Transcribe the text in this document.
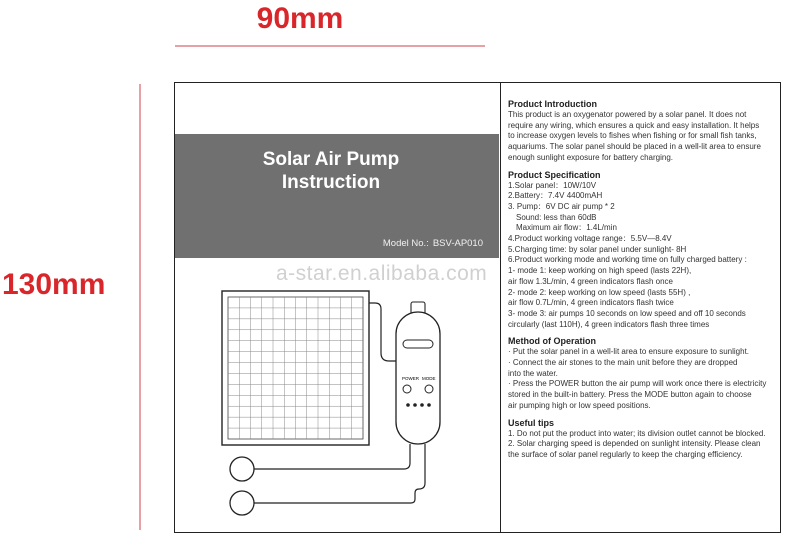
90mm
130mm
Solar Air Pump
Instruction
Model No.: BSV-AP010
POWER MODE
Product Introduction

This product is an oxygenator powered by a solar panel. It does not

require any wiring, which ensures a quick and easy installation. It helps

to increase oxygen levels to fishes when fishing or for small fish tanks,

aquariums. The solar panel should be placed in a well-lit area to ensure

enough sunlight exposure for battery charging.

Product Specification

1.Solar panel：10W/10V

2.Battery：7.4V 4400mAH

3. Pump：6V DC air pump * 2

Sound: less than 60dB

Maximum air flow：1.4L/min

4.Product working voltage range：5.5V—8.4V

5.Charging time: by solar panel under sunlight- 8H

6.Product working mode and working time on fully charged battery :

1- mode 1: keep working on high speed (lasts 22H),

air flow 1.3L/min, 4 green indicators flash once

2- mode 2: keep working on low speed (lasts 55H) ,

air flow 0.7L/min, 4 green indicators flash twice

3- mode 3: air pumps 10 seconds on low speed and off 10 seconds

circularly (last 110H), 4 green indicators flash three times

Method of Operation

· Put the solar panel in a well-lit area to ensure exposure to sunlight.

· Connect the air stones to the main unit before they are dropped

into the water.

· Press the POWER button the air pump will work once there is electricity

stored in the built-in battery. Press the MODE button again to choose

air pumping high or low speed positions.

Useful tips

1. Do not put the product into water; its division outlet cannot be blocked.

2. Solar charging speed is depended on sunlight intensity. Please clean

the surface of solar panel regularly to keep the charging efficiency.

a-star.en.alibaba.com
